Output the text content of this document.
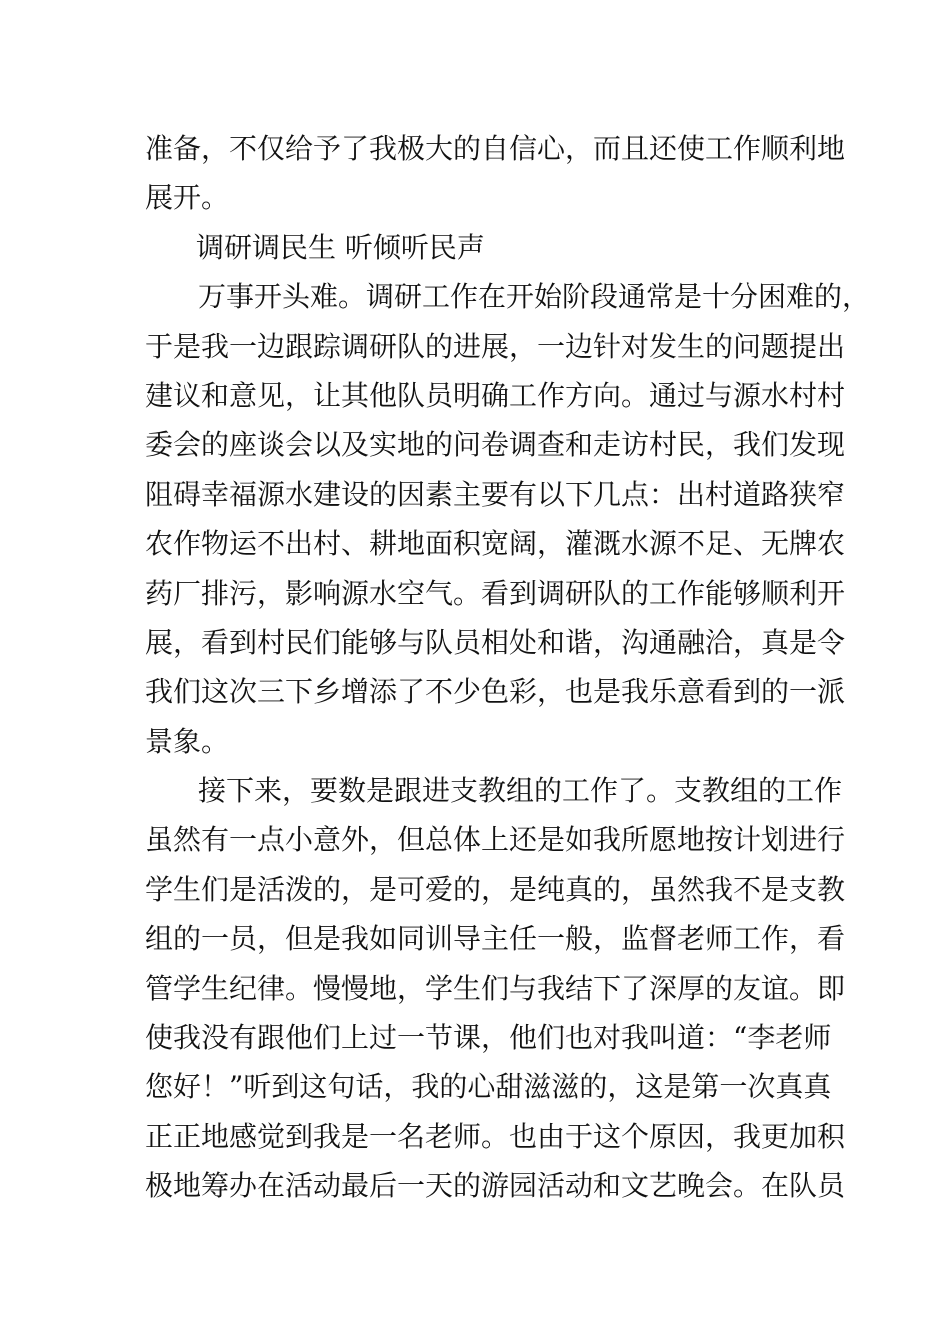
准备，不仅给予了我极大的自信心，而且还使工作顺利地
展开。
调研调民生 听倾听民声
万事开头难。调研工作在开始阶段通常是十分困难的，
于是我一边跟踪调研队的进展，一边针对发生的问题提出
建议和意见，让其他队员明确工作方向。通过与源水村村
委会的座谈会以及实地的问卷调查和走访村民，我们发现
阻碍幸福源水建设的因素主要有以下几点：出村道路狭窄
农作物运不出村、耕地面积宽阔，灌溉水源不足、无牌农
药厂排污，影响源水空气。看到调研队的工作能够顺利开
展，看到村民们能够与队员相处和谐，沟通融洽，真是令
我们这次三下乡增添了不少色彩，也是我乐意看到的一派
景象。
接下来，要数是跟进支教组的工作了。支教组的工作
虽然有一点小意外，但总体上还是如我所愿地按计划进行
学生们是活泼的，是可爱的，是纯真的，虽然我不是支教
组的一员，但是我如同训导主任一般，监督老师工作，看
管学生纪律。慢慢地，学生们与我结下了深厚的友谊。即
使我没有跟他们上过一节课，他们也对我叫道：“李老师
您好！”听到这句话，我的心甜滋滋的，这是第一次真真
正正地感觉到我是一名老师。也由于这个原因，我更加积
极地筹办在活动最后一天的游园活动和文艺晚会。在队员
